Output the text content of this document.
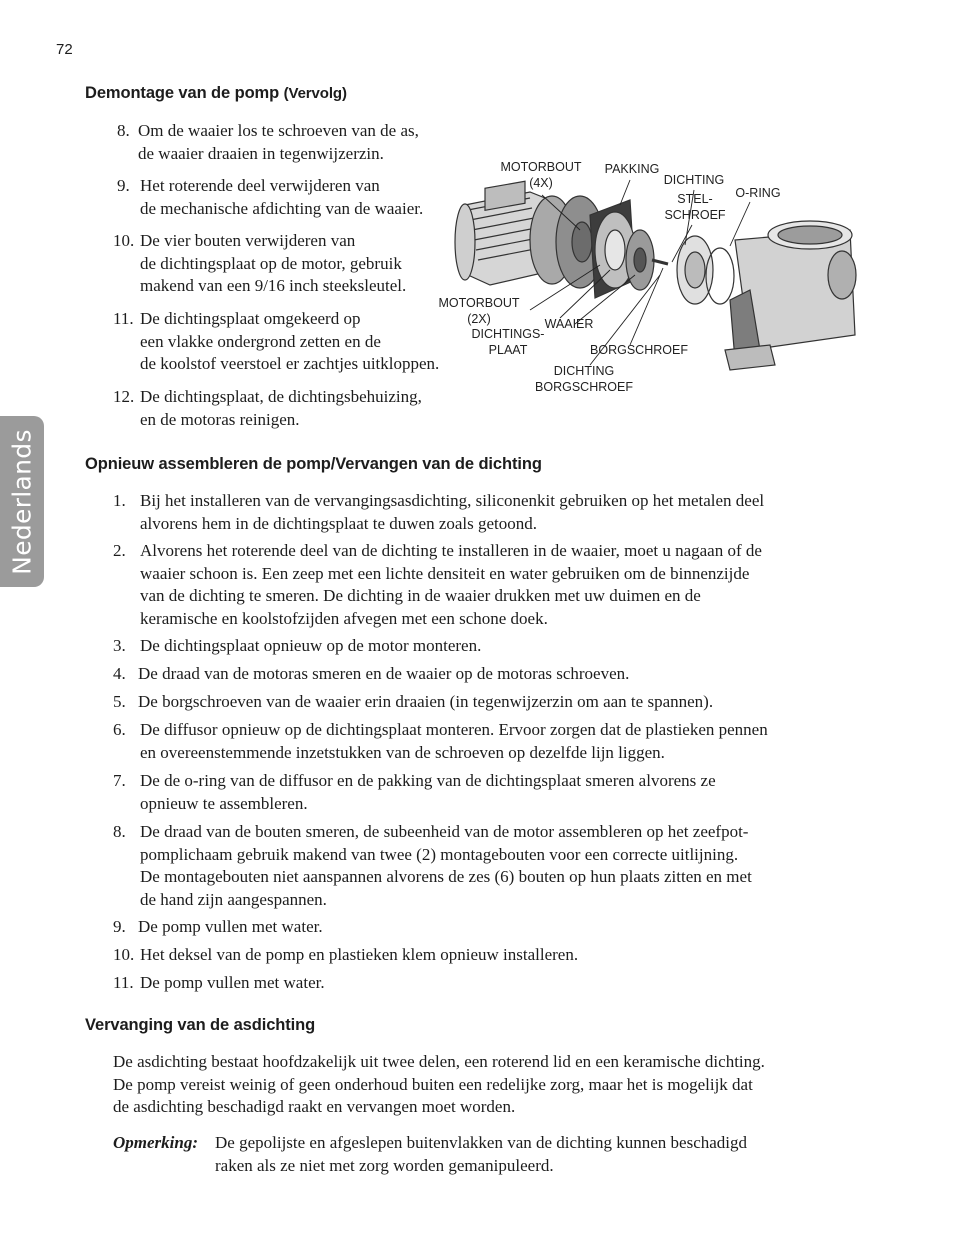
72
Nederlands
Demontage van de pomp (Vervolg)
8. Om de waaier los te schroeven van de as,
de waaier draaien in tegenwijzerzin.
9. Het roterende deel verwijderen van
de mechanische afdichting van de waaier.
10. De vier bouten verwijderen van
de dichtingsplaat op de motor, gebruik
makend van een 9/16 inch steeksleutel.
11. De dichtingsplaat omgekeerd op
een vlakke ondergrond zetten en de
de koolstof veerstoel er zachtjes uitkloppen.
12. De dichtingsplaat, de dichtingsbehuizing,
en de motoras reinigen.
MOTORBOUT
(4X)
PAKKING
DICHTING
O-RING
STEL-
SCHROEF
MOTORBOUT
(2X)	WAAIER
DICHTINGS-
PLAAT	BORGSCHROEF
DICHTING
BORGSCHROEF
Opnieuw assembleren de pomp/Vervangen van de dichting
1. Bij het installeren van de vervangingsasdichting, siliconenkit gebruiken op het metalen deel
alvorens hem in de dichtingsplaat te duwen zoals getoond.
2. Alvorens het roterende deel van de dichting te installeren in de waaier, moet u nagaan of de
waaier schoon is. Een zeep met een lichte densiteit en water gebruiken om de binnenzijde
van de dichting te smeren. De dichting in de waaier drukken met uw duimen en de
keramische en koolstofzijden afvegen met een schone doek.
3. De dichtingsplaat opnieuw op de motor monteren.
4. De draad van de motoras smeren en de waaier op de motoras schroeven.
5. De borgschroeven van de waaier erin draaien (in tegenwijzerzin om aan te spannen).
6. De diffusor opnieuw op de dichtingsplaat monteren. Ervoor zorgen dat de plastieken pennen
en overeenstemmende inzetstukken van de schroeven op dezelfde lijn liggen.
7. De de o-ring van de diffusor en de pakking van de dichtingsplaat smeren alvorens ze
opnieuw te assembleren.
8. De draad van de bouten smeren, de subeenheid van de motor assembleren op het zeefpot-
pomplichaam gebruik makend van twee (2) montagebouten voor een correcte uitlijning.
De montagebouten niet aanspannen alvorens de zes (6) bouten op hun plaats zitten en met
de hand zijn aangespannen.
9. De pomp vullen met water.
10. Het deksel van de pomp en plastieken klem opnieuw installeren.
11. De pomp vullen met water.
Vervanging van de asdichting
De asdichting bestaat hoofdzakelijk uit twee delen, een roterend lid en een keramische dichting.
De pomp vereist weinig of geen onderhoud buiten een redelijke zorg, maar het is mogelijk dat
de asdichting beschadigd raakt en vervangen moet worden.
Opmerking: De gepolijste en afgeslepen buitenvlakken van de dichting kunnen beschadigd
raken als ze niet met zorg worden gemanipuleerd.
